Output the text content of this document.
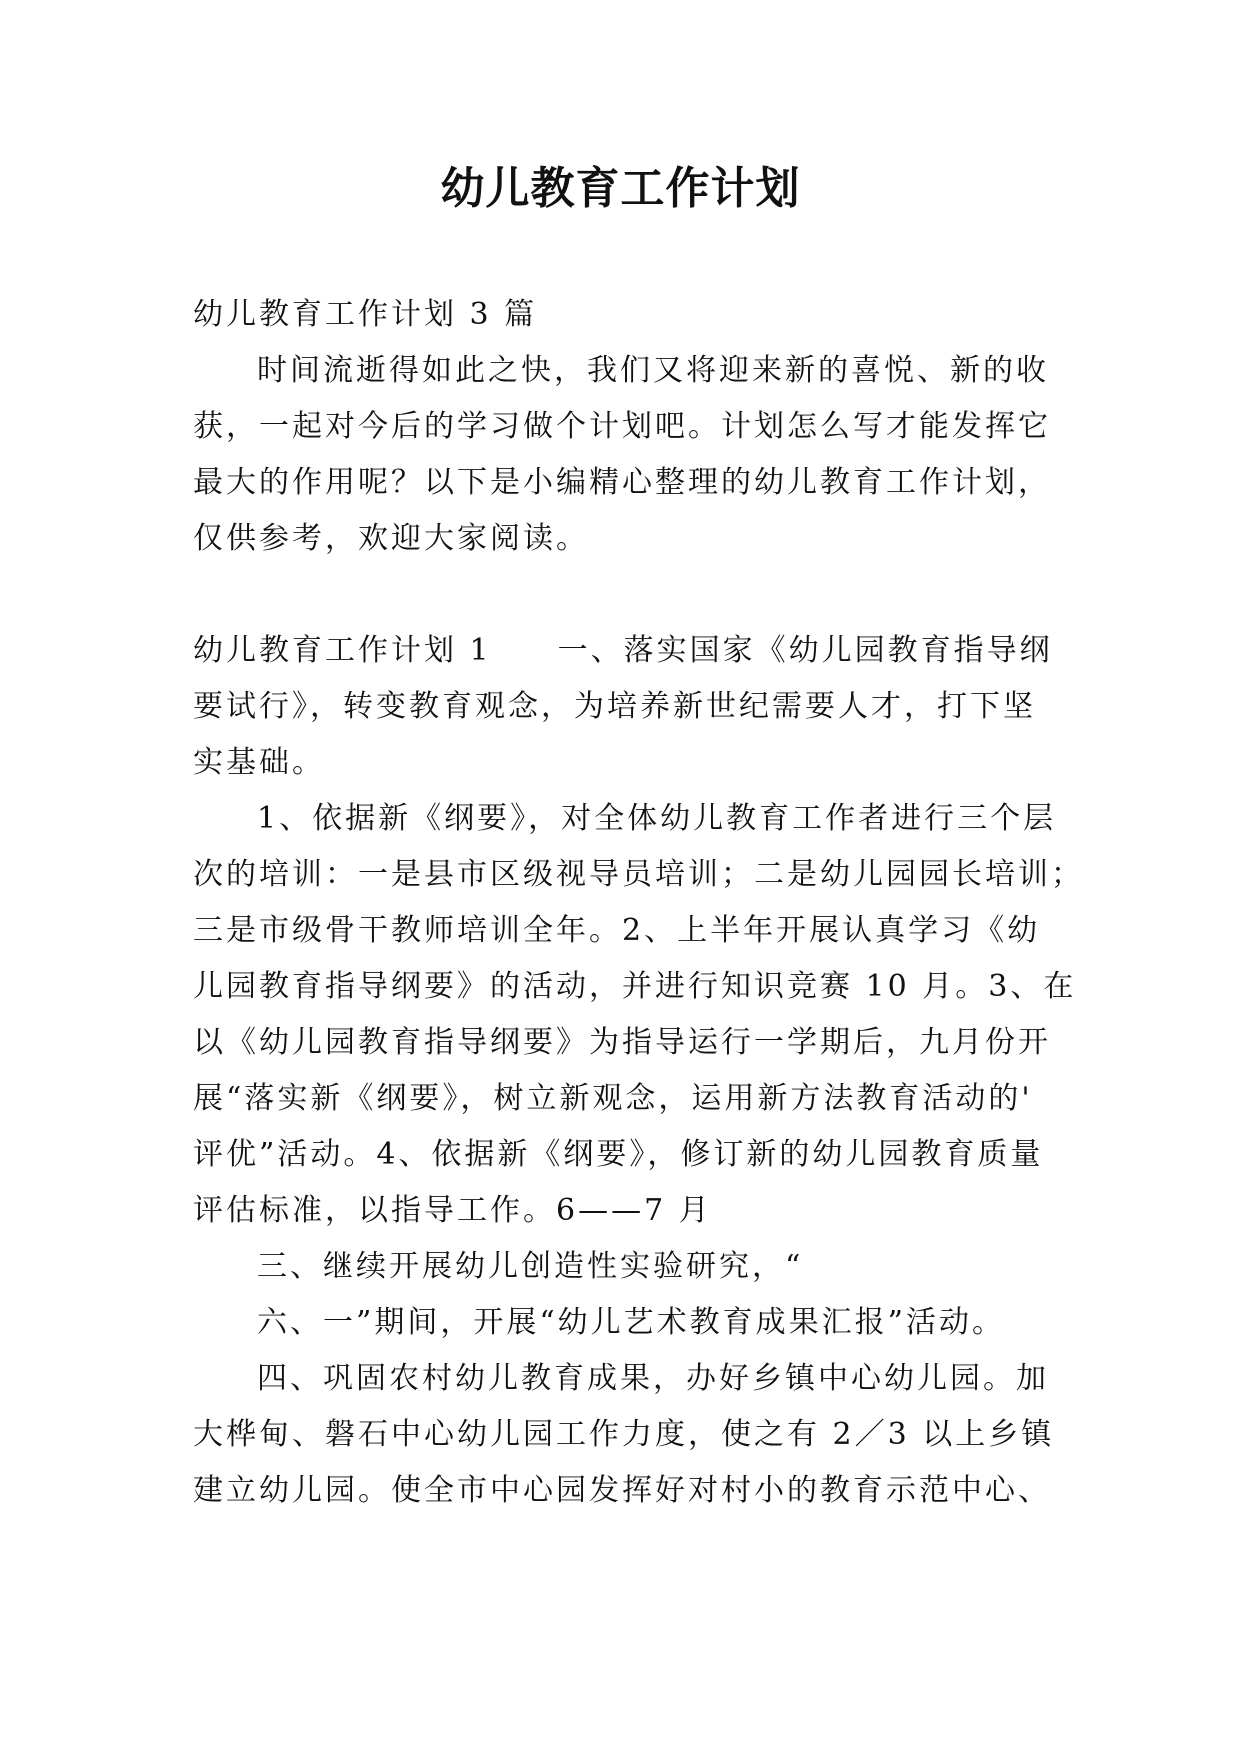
幼儿教育工作计划
幼儿教育工作计划 3 篇
时间流逝得如此之快，我们又将迎来新的喜悦、新的收
获，一起对今后的学习做个计划吧。计划怎么写才能发挥它
最大的作用呢？以下是小编精心整理的幼儿教育工作计划，
仅供参考，欢迎大家阅读。
幼儿教育工作计划 1　　一、落实国家《幼儿园教育指导纲
要试行》，转变教育观念，为培养新世纪需要人才，打下坚
实基础。
1、依据新《纲要》，对全体幼儿教育工作者进行三个层
次的培训：一是县市区级视导员培训；二是幼儿园园长培训；
三是市级骨干教师培训全年。2、上半年开展认真学习《幼
儿园教育指导纲要》的活动，并进行知识竞赛 10 月。3、在
以《幼儿园教育指导纲要》为指导运行一学期后，九月份开
展“落实新《纲要》，树立新观念，运用新方法教育活动的'
评优”活动。4、依据新《纲要》，修订新的幼儿园教育质量
评估标准，以指导工作。6——7 月
三、继续开展幼儿创造性实验研究，“
六、一”期间，开展“幼儿艺术教育成果汇报”活动。
四、巩固农村幼儿教育成果，办好乡镇中心幼儿园。加
大桦甸、磐石中心幼儿园工作力度，使之有 2／3 以上乡镇
建立幼儿园。使全市中心园发挥好对村小的教育示范中心、
